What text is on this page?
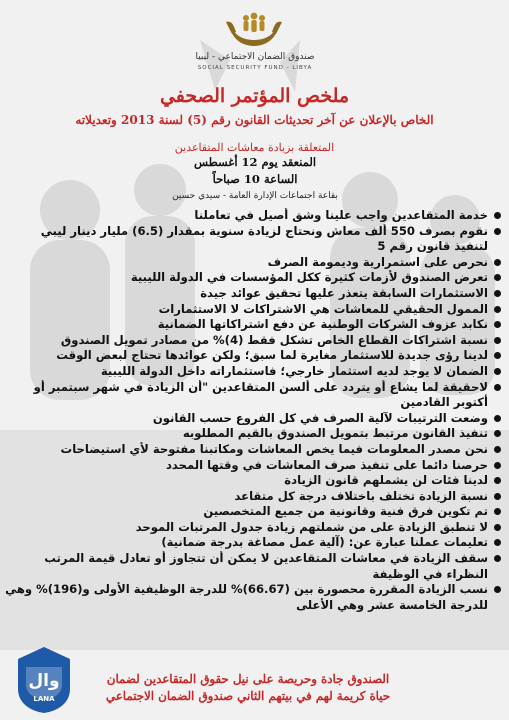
صندوق الضمان الاجتماعي - ليبيا
SOCIAL SECURITY FUND - LIBYA
ملخص المؤتمر الصحفي
الخاص بالإعلان عن آخر تحديثات القانون رقم (5) لسنة 2013 وتعديلاته
المتعلقة بزيادة معاشات المتقاعدين
المنعقد يوم 12 أغسطس
الساعة 10 صباحاً
بقاعة اجتماعات الإدارة العامة - سيدي حسين
خدمة المتقاعدين واجب علينا وشق أصيل في تعاملنا
نقوم بصرف 550 ألف معاش ونحتاج لزيادة سنوية بمقدار (6.5) مليار دينار ليبي لتنفيذ قانون رقم 5
نحرص على استمرارية وديمومة الصرف
تعرض الصندوق لأزمات كثيرة ككل المؤسسات في الدولة الليبية
الاستثمارات السابقة يتعذر عليها تحقيق عوائد جيدة
الممول الحقيقي للمعاشات هي الاشتراكات لا الاستثمارات
نكابد عزوف الشركات الوطنية عن دفع اشتراكاتها الضمانية
نسبة اشتراكات القطاع الخاص تشكل فقط (4)% من مصادر تمويل الصندوق
لدينا رؤى جديدة للاستثمار مغايرة لما سبق؛ ولكن عوائدها تحتاج لبعض الوقت
الضمان لا يوجد لديه استثمار خارجي؛ فاستثماراته داخل الدولة الليبية
لاحقيقة لما يشاع أو يتردد على ألسن المتقاعدين "أن الزيادة في شهر سبتمبر أو أكتوبر القادمين
وضعت الترتيبات لآلية الصرف في كل الفروع حسب القانون
تنفيذ القانون مرتبط بتمويل الصندوق بالقيم المطلوبه
نحن مصدر المعلومات فيما يخص المعاشات ومكاتبنا مفتوحة لأي استيضاحات
حرصنا دائما على تنفيذ صرف المعاشات في وقتها المحدد
لدينا فئات لن يشملهم قانون الزيادة
نسبة الزيادة تختلف باختلاف درجة كل متقاعد
تم تكوين فرق فنية وقانونية من جميع المتخصصين
لا تنطبق الزيادة على من شملتهم زيادة جدول المرتبات الموحد
تعليمات عملنا عبارة عن: (آلية عمل مصاغة بدرجة ضمانية)
سقف الزيادة في معاشات المتقاعدين لا يمكن أن تتجاوز أو تعادل قيمة المرتب النظراء في الوظيفة
نسب الزيادة المقررة محصورة بين (66.67)% للدرجة الوظيفية الأولى و(196)% وهي للدرجة الخامسة عشر وهي الأعلى
الصندوق جادة وحريصة على نيل حقوق المتقاعدين لضمان
حياة كريمة لهم في بيتهم الثاني صندوق الضمان الاجتماعي
وال
LANA
